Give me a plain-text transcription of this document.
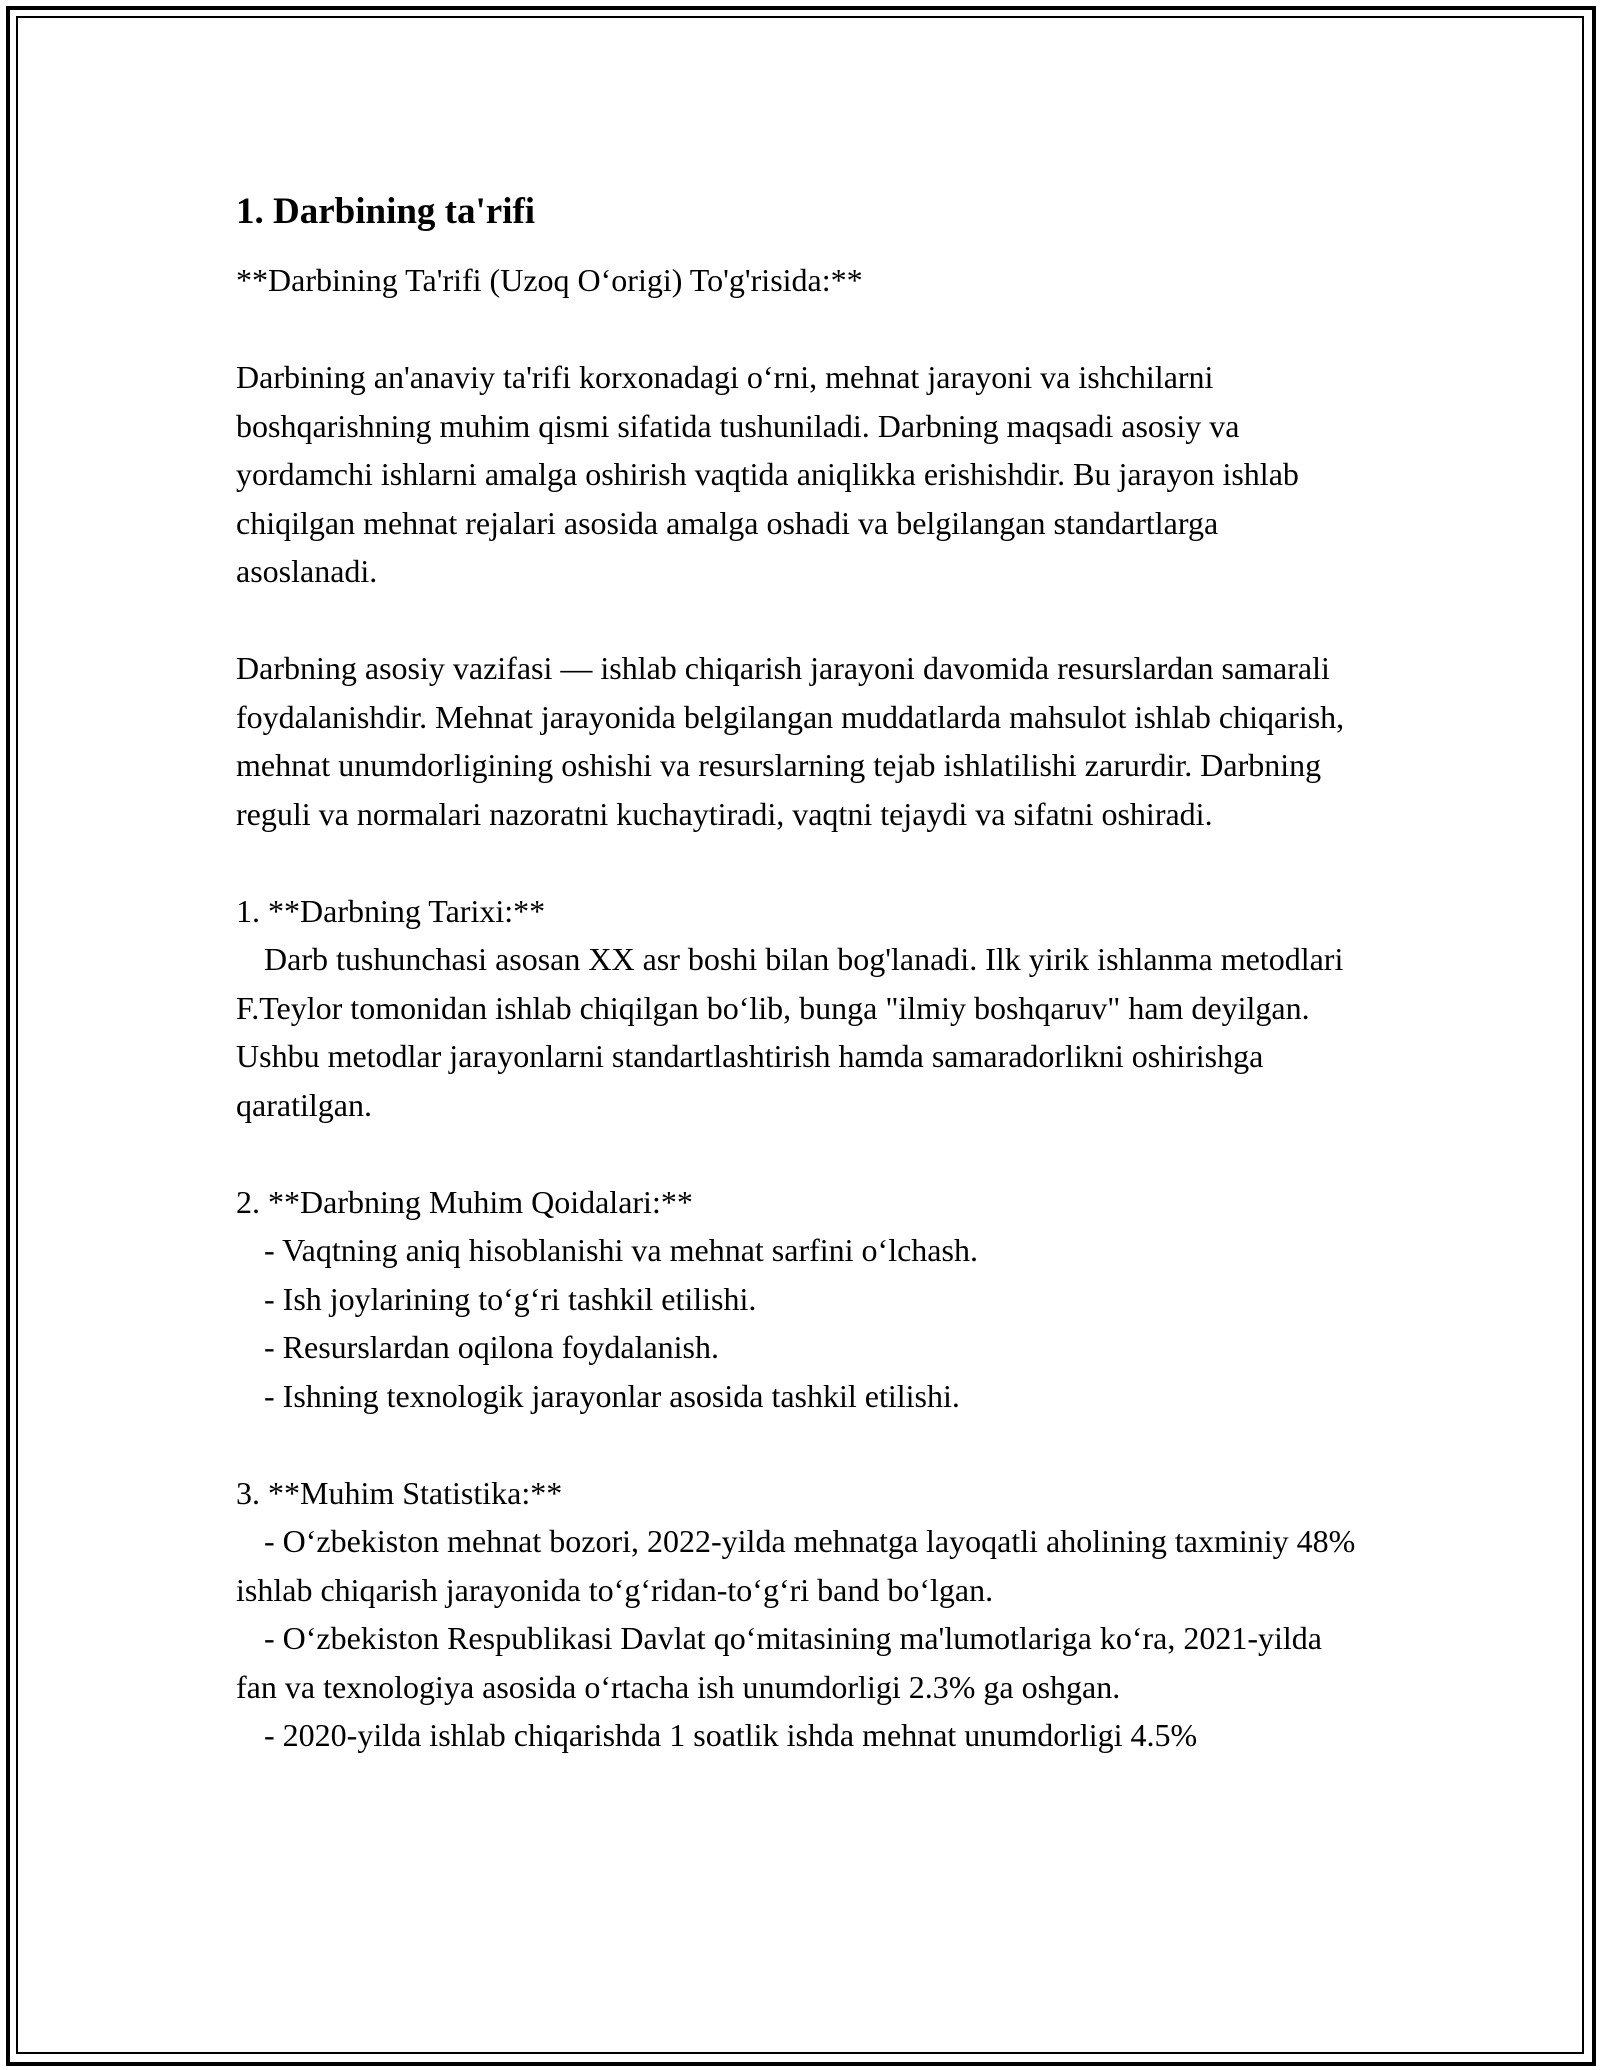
1. Darbining ta'rifi

**Darbining Ta'rifi (Uzoq O‘origi) To'g'risida:**

Darbining an'anaviy ta'rifi korxonadagi o‘rni, mehnat jarayoni va ishchilarni boshqarishning muhim qismi sifatida tushuniladi. Darbning maqsadi asosiy va yordamchi ishlarni amalga oshirish vaqtida aniqlikka erishishdir. Bu jarayon ishlab chiqilgan mehnat rejalari asosida amalga oshadi va belgilangan standartlarga asoslanadi.

Darbning asosiy vazifasi — ishlab chiqarish jarayoni davomida resurslardan samarali foydalanishdir. Mehnat jarayonida belgilangan muddatlarda mahsulot ishlab chiqarish, mehnat unumdorligining oshishi va resurslarning tejab ishlatilishi zarurdir. Darbning reguli va normalari nazoratni kuchaytiradi, vaqtni tejaydi va sifatni oshiradi.

1. **Darbning Tarixi:**

Darb tushunchasi asosan XX asr boshi bilan bog'lanadi. Ilk yirik ishlanma metodlari F.Teylor tomonidan ishlab chiqilgan bo‘lib, bunga "ilmiy boshqaruv" ham deyilgan. Ushbu metodlar jarayonlarni standartlashtirish hamda samaradorlikni oshirishga qaratilgan.

2. **Darbning Muhim Qoidalari:**

- Vaqtning aniq hisoblanishi va mehnat sarfini o‘lchash.

- Ish joylarining to‘g‘ri tashkil etilishi.

- Resurslardan oqilona foydalanish.

- Ishning texnologik jarayonlar asosida tashkil etilishi.

3. **Muhim Statistika:**

- O‘zbekiston mehnat bozori, 2022-yilda mehnatga layoqatli aholining taxminiy 48% ishlab chiqarish jarayonida to‘g‘ridan-to‘g‘ri band bo‘lgan.

- O‘zbekiston Respublikasi Davlat qo‘mitasining ma'lumotlariga ko‘ra, 2021-yilda fan va texnologiya asosida o‘rtacha ish unumdorligi 2.3% ga oshgan.

- 2020-yilda ishlab chiqarishda 1 soatlik ishda mehnat unumdorligi 4.5%
